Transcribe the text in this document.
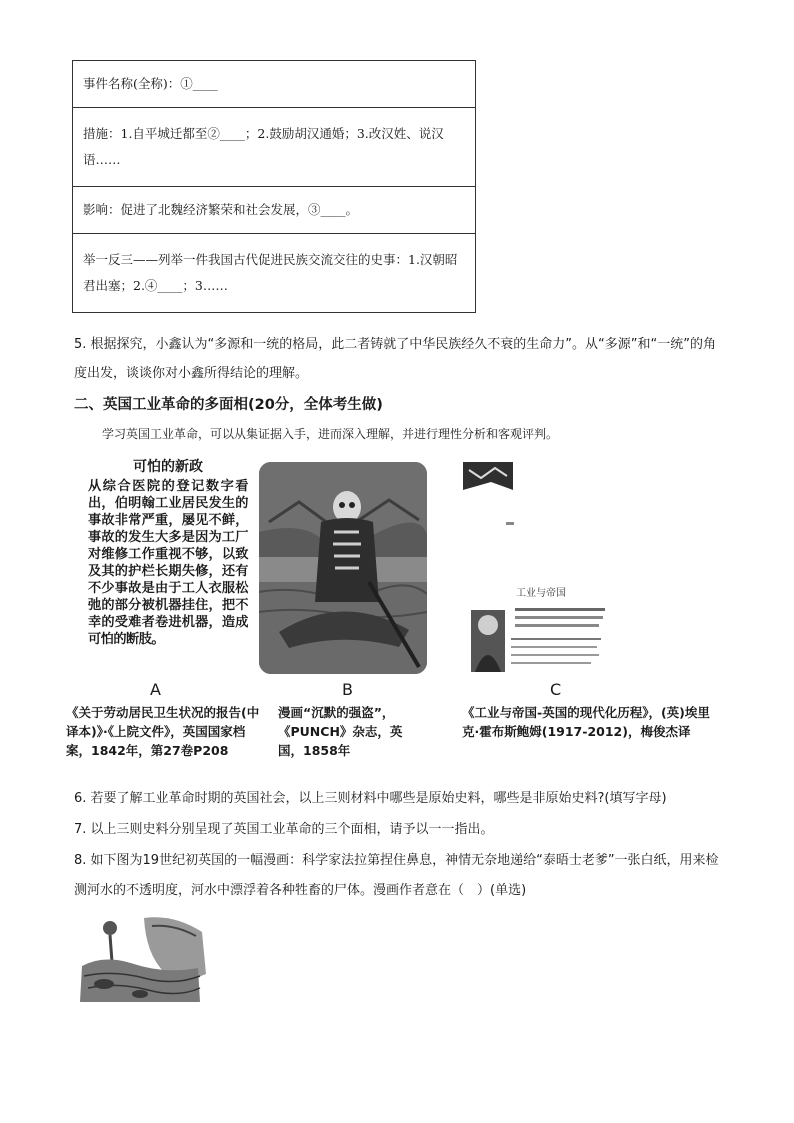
事件名称(全称)：①____
措施：1.自平城迁都至②____；2.鼓励胡汉通婚；3.改汉姓、说汉语……
影响：促进了北魏经济繁荣和社会发展，③____。
举一反三——列举一件我国古代促进民族交流交往的史事：1.汉朝昭君出塞；2.④____；3……
5. 根据探究，小鑫认为“多源和一统的格局，此二者铸就了中华民族经久不衰的生命力”。从“多源”和“一统”的角度出发，谈谈你对小鑫所得结论的理解。
二、英国工业革命的多面相(20分，全体考生做)
学习英国工业革命，可以从集证据入手，进而深入理解，并进行理性分析和客观评判。
可怕的新政
从综合医院的登记数字看出，伯明翰工业居民发生的事故非常严重，屡见不鲜，事故的发生大多是因为工厂对维修工作重视不够，以致及其的护栏长期失修，还有不少事故是由于工人衣服松弛的部分被机器挂住，把不幸的受难者卷进机器，造成可怕的断肢。
A
《关于劳动居民卫生状况的报告(中译本)》·《上院文件》，英国国家档案，1842年，第27卷P208
B
漫画“沉默的强盗”，《PUNCH》杂志，英国，1858年
工业与帝国
C
《工业与帝国-英国的现代化历程》，(英)埃里克·霍布斯鲍姆(1917-2012)，梅俊杰译
6. 若要了解工业革命时期的英国社会，以上三则材料中哪些是原始史料，哪些是非原始史料?(填写字母)
7. 以上三则史料分别呈现了英国工业革命的三个面相，请予以一一指出。
8. 如下图为19世纪初英国的一幅漫画：科学家法拉第捏住鼻息，神情无奈地递给“泰晤士老爹”一张白纸，用来检测河水的不透明度，河水中漂浮着各种牲畜的尸体。漫画作者意在（　）(单选)
